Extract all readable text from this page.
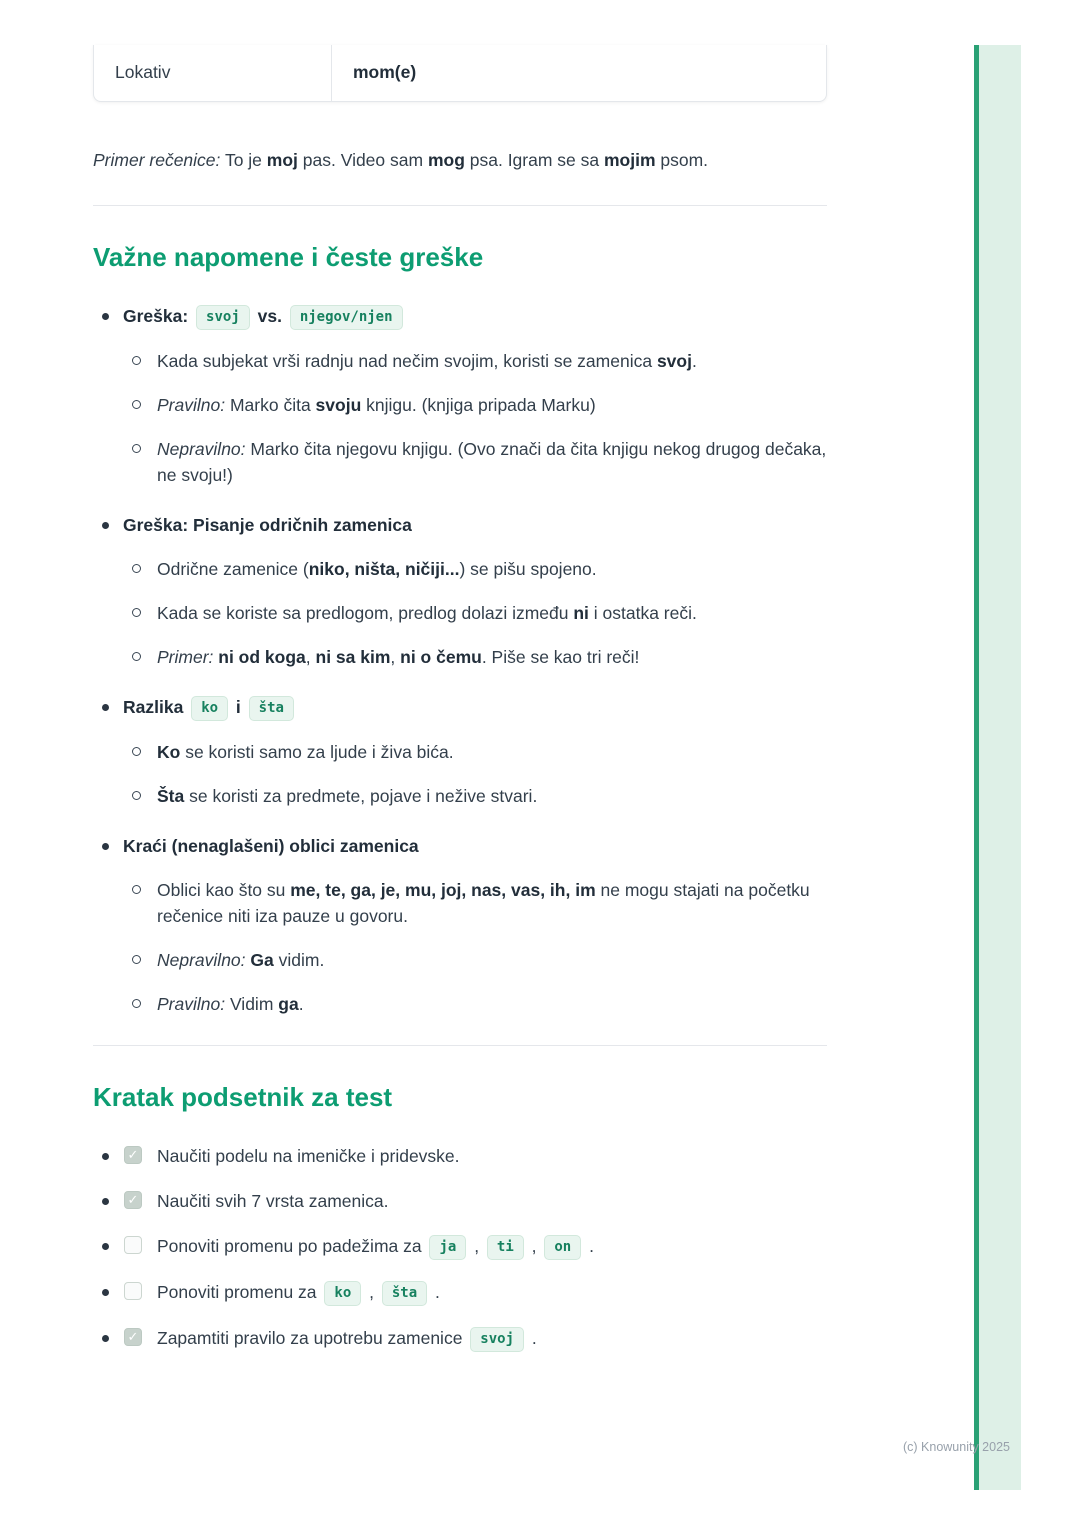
Lokativ	mom(e)

Primer rečenice: To je moj pas. Video sam mog psa. Igram se sa mojim psom.

Važne napomene i česte greške
Greška: svoj vs. njegov/njen
Kada subjekat vrši radnju nad nečim svojim, koristi se zamenica svoj.
Pravilno: Marko čita svoju knjigu. (knjiga pripada Marku)
Nepravilno: Marko čita njegovu knjigu. (Ovo znači da čita knjigu nekog drugog dečaka, ne svoju!)
Greška: Pisanje odričnih zamenica
Odrične zamenice (niko, ništa, ničiji...) se pišu spojeno.
Kada se koriste sa predlogom, predlog dolazi između ni i ostatka reči.
Primer: ni od koga, ni sa kim, ni o čemu. Piše se kao tri reči!
Razlika ko i šta
Ko se koristi samo za ljude i živa bića.
Šta se koristi za predmete, pojave i nežive stvari.
Kraći (nenaglašeni) oblici zamenica
Oblici kao što su me, te, ga, je, mu, joj, nas, vas, ih, im ne mogu stajati na početku rečenice niti iza pauze u govoru.
Nepravilno: Ga vidim.
Pravilno: Vidim ga.
Kratak podsetnik za test
✓ Naučiti podelu na imeničke i pridevske.
✓ Naučiti svih 7 vrsta zamenica.
Ponoviti promenu po padežima za ja , ti , on .
Ponoviti promenu za ko , šta .
✓ Zapamtiti pravilo za upotrebu zamenice svoj .
(c) Knowunity 2025
